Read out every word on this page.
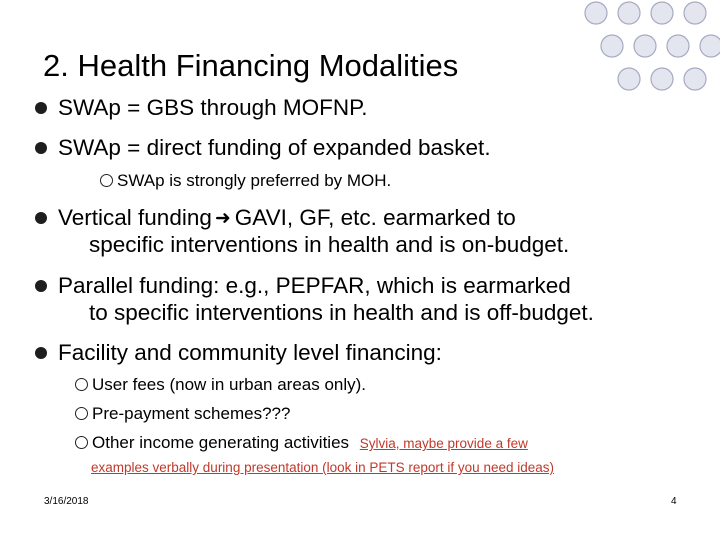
2. Health Financing Modalities
SWAp = GBS through MOFNP.
SWAp = direct funding of expanded basket.
SWAp is strongly preferred by MOH.
Vertical funding ➜ GAVI, GF, etc. earmarked to
specific interventions in health and is on-budget.
Parallel funding: e.g., PEPFAR, which is earmarked
to specific interventions in health and is off-budget.
Facility and community level financing:
User fees (now in urban areas only).
Pre-payment schemes???
Other income generating activities Sylvia, maybe provide a few
examples verbally during presentation (look in PETS report if you need ideas)
3/16/2018	4
